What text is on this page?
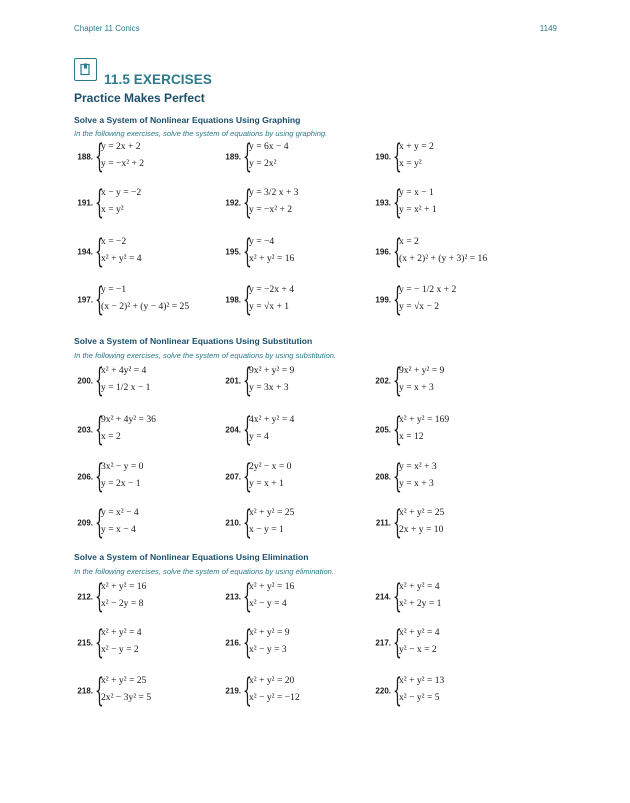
Chapter 11 Conics	1149
11.5 EXERCISES
Practice Makes Perfect
Solve a System of Nonlinear Equations Using Graphing
In the following exercises, solve the system of equations by using graphing.
188. {
y = 2x + 2
y = −x² + 2
189. {
y = 6x − 4
y = 2x²
190. {
x + y = 2
x = y²
191. {
x − y = −2
x = y²
192. {
y = 3/2 x + 3
y = −x² + 2
193. {
y = x − 1
y = x² + 1
194. {
x = −2
x² + y² = 4
195. {
y = −4
x² + y² = 16
196. {
x = 2
(x + 2)² + (y + 3)² = 16
197. {
y = −1
(x − 2)² + (y − 4)² = 25
198. {
y = −2x + 4
y = √x + 1
199. {
y = − 1/2 x + 2
y = √x − 2
Solve a System of Nonlinear Equations Using Substitution
In the following exercises, solve the system of equations by using substitution.
200. {
x² + 4y² = 4
y = 1/2 x − 1
201. {
9x² + y² = 9
y = 3x + 3
202. {
9x² + y² = 9
y = x + 3
203. {
9x² + 4y² = 36
x = 2
204. {
4x² + y² = 4
y = 4
205. {
x² + y² = 169
x = 12
206. {
3x² − y = 0
y = 2x − 1
207. {
2y² − x = 0
y = x + 1
208. {
y = x² + 3
y = x + 3
209. {
y = x² − 4
y = x − 4
210. {
x² + y² = 25
x − y = 1
211. {
x² + y² = 25
2x + y = 10
Solve a System of Nonlinear Equations Using Elimination
In the following exercises, solve the system of equations by using elimination.
212. {
x² + y² = 16
x² − 2y = 8
213. {
x² + y² = 16
x² − y = 4
214. {
x² + y² = 4
x² + 2y = 1
215. {
x² + y² = 4
x² − y = 2
216. {
x² + y² = 9
x² − y = 3
217. {
x² + y² = 4
y² − x = 2
218. {
x² + y² = 25
2x² − 3y² = 5
219. {
x² + y² = 20
x² − y² = −12
220. {
x² + y² = 13
x² − y² = 5
